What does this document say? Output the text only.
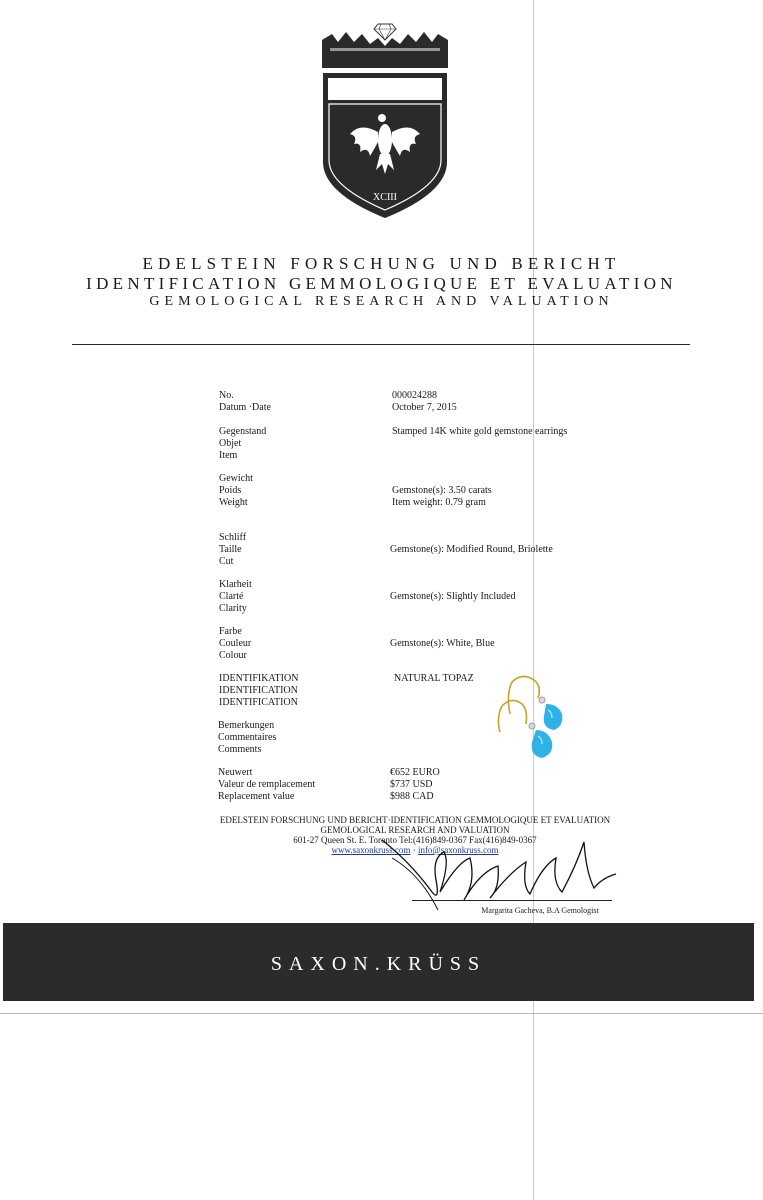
XCIII
EDELSTEIN FORSCHUNG UND BERICHT
IDENTIFICATION GEMMOLOGIQUE ET EVALUATION
GEMOLOGICAL RESEARCH AND VALUATION
No.	000024288
Datum ·Date	October 7, 2015
Gegenstand
Objet
Item
Stamped 14K white gold gemstone earrings
Gewicht
Poids
Weight
Gemstone(s): 3.50 carats
Item weight: 0.79 gram
Schliff
Taille
Cut
Gemstone(s): Modified Round, Briolette
Klarheit
Clarté
Clarity
Gemstone(s): Slightly Included
Farbe
Couleur
Colour
Gemstone(s): White, Blue
IDENTIFIKATION
IDENTIFICATION
IDENTIFICATION
NATURAL TOPAZ
Bemerkungen
Commentaires
Comments
Neuwert
Valeur de remplacement
Replacement value
€652 EURO
$737 USD
$988 CAD
EDELSTEIN FORSCHUNG UND BERICHT·IDENTIFICATION GEMMOLOGIQUE ET EVALUATION
GEMOLOGICAL RESEARCH AND VALUATION
601-27 Queen St. E. Toronto Tel:(416)849-0367 Fax(416)849-0367
www.saxonkruss.com · info@saxonkruss.com
Margarita Gacheva, B.A Gemologist
SAXON.KRÜSS
